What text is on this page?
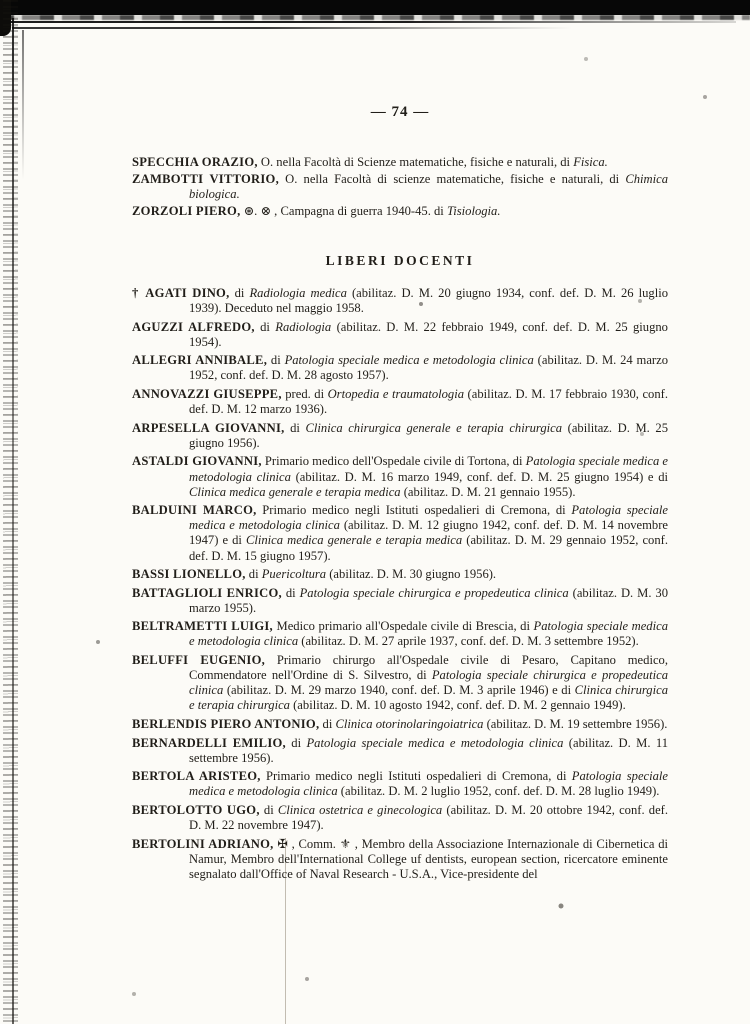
— 74 —

SPECCHIA ORAZIO, O. nella Facoltà di Scienze matematiche, fisiche e naturali, di Fisica.

ZAMBOTTI VITTORIO, O. nella Facoltà di scienze matematiche, fisiche e naturali, di Chimica biologica.

ZORZOLI PIERO, ⊛. ⊗ , Campagna di guerra 1940-45. di Tisiologia.

LIBERI DOCENTI

† AGATI DINO, di Radiologia medica (abilitaz. D. M. 20 giugno 1934, conf. def. D. M. 26 luglio 1939). Deceduto nel maggio 1958.

AGUZZI ALFREDO, di Radiologia (abilitaz. D. M. 22 febbraio 1949, conf. def. D. M. 25 giugno 1954).

ALLEGRI ANNIBALE, di Patologia speciale medica e metodologia clinica (abilitaz. D. M. 24 marzo 1952, conf. def. D. M. 28 agosto 1957).

ANNOVAZZI GIUSEPPE, pred. di Ortopedia e traumatologia (abilitaz. D. M. 17 febbraio 1930, conf. def. D. M. 12 marzo 1936).

ARPESELLA GIOVANNI, di Clinica chirurgica generale e terapia chirurgica (abilitaz. D. M. 25 giugno 1956).

ASTALDI GIOVANNI, Primario medico dell'Ospedale civile di Tortona, di Patologia speciale medica e metodologia clinica (abilitaz. D. M. 16 marzo 1949, conf. def. D. M. 25 giugno 1954) e di Clinica medica generale e terapia medica (abilitaz. D. M. 21 gennaio 1955).

BALDUINI MARCO, Primario medico negli Istituti ospedalieri di Cremona, di Patologia speciale medica e metodologia clinica (abilitaz. D. M. 12 giugno 1942, conf. def. D. M. 14 novembre 1947) e di Clinica medica generale e terapia medica (abilitaz. D. M. 29 gennaio 1952, conf. def. D. M. 15 giugno 1957).

BASSI LIONELLO, di Puericoltura (abilitaz. D. M. 30 giugno 1956).

BATTAGLIOLI ENRICO, di Patologia speciale chirurgica e propedeutica clinica (abilitaz. D. M. 30 marzo 1955).

BELTRAMETTI LUIGI, Medico primario all'Ospedale civile di Brescia, di Patologia speciale medica e metodologia clinica (abilitaz. D. M. 27 aprile 1937, conf. def. D. M. 3 settembre 1952).

BELUFFI EUGENIO, Primario chirurgo all'Ospedale civile di Pesaro, Capitano medico, Commendatore nell'Ordine di S. Silvestro, di Patologia speciale chirurgica e propedeutica clinica (abilitaz. D. M. 29 marzo 1940, conf. def. D. M. 3 aprile 1946) e di Clinica chirurgica e terapia chirurgica (abilitaz. D. M. 10 agosto 1942, conf. def. D. M. 2 gennaio 1949).

BERLENDIS PIERO ANTONIO, di Clinica otorinolaringoiatrica (abilitaz. D. M. 19 settembre 1956).

BERNARDELLI EMILIO, di Patologia speciale medica e metodologia clinica (abilitaz. D. M. 11 settembre 1956).

BERTOLA ARISTEO, Primario medico negli Istituti ospedalieri di Cremona, di Patologia speciale medica e metodologia clinica (abilitaz. D. M. 2 luglio 1952, conf. def. D. M. 28 luglio 1949).

BERTOLOTTO UGO, di Clinica ostetrica e ginecologica (abilitaz. D. M. 20 ottobre 1942, conf. def. D. M. 22 novembre 1947).

BERTOLINI ADRIANO, ✠ , Comm. ⚜ , Membro della Associazione Internazionale di Cibernetica di Namur, Membro dell'International College uf dentists, european section, ricercatore eminente segnalato dall'Office of Naval Research - U.S.A., Vice-presidente del
